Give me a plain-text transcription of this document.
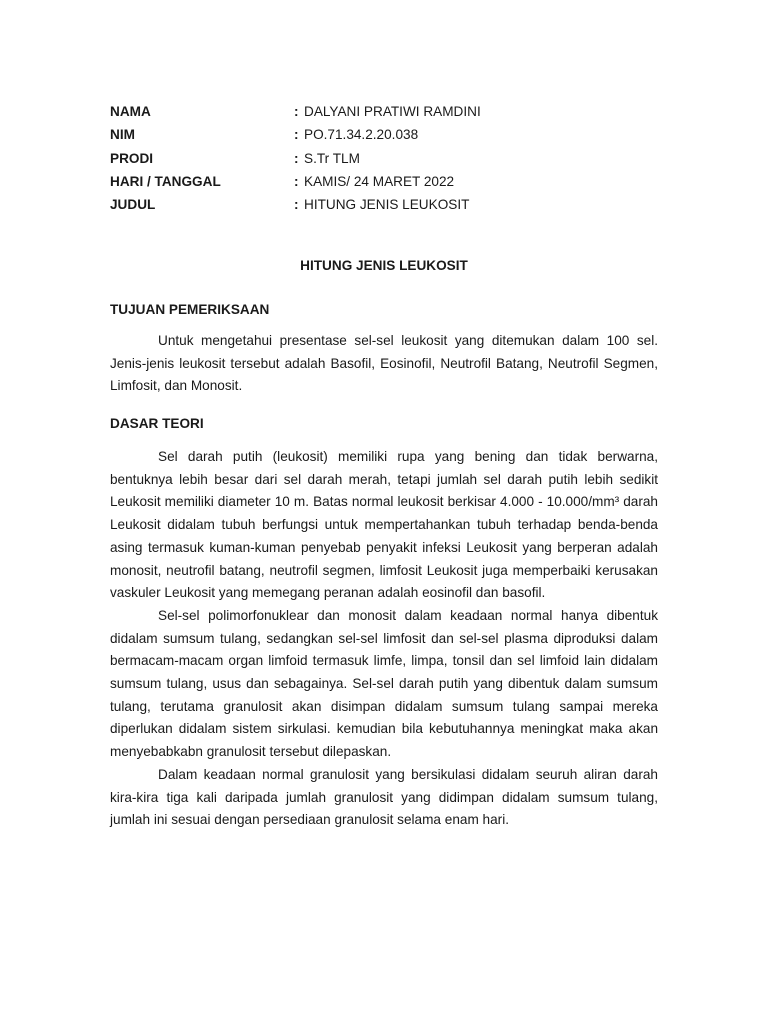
NAMA	: DALYANI PRATIWI RAMDINI
NIM	: PO.71.34.2.20.038
PRODI	: S.Tr TLM
HARI / TANGGAL	: KAMIS/ 24 MARET 2022
JUDUL	: HITUNG JENIS LEUKOSIT
HITUNG JENIS LEUKOSIT
TUJUAN PEMERIKSAAN

Untuk mengetahui presentase sel-sel leukosit yang ditemukan dalam 100 sel. Jenis-jenis leukosit tersebut adalah Basofil, Eosinofil, Neutrofil Batang, Neutrofil Segmen, Limfosit, dan Monosit.

DASAR TEORI

Sel darah putih (leukosit) memiliki rupa yang bening dan tidak berwarna, bentuknya lebih besar dari sel darah merah, tetapi jumlah sel darah putih lebih sedikit Leukosit memiliki diameter 10 m. Batas normal leukosit berkisar 4.000 - 10.000/mm³ darah Leukosit didalam tubuh berfungsi untuk mempertahankan tubuh terhadap benda-benda asing termasuk kuman-kuman penyebab penyakit infeksi Leukosit yang berperan adalah monosit, neutrofil batang, neutrofil segmen, limfosit Leukosit juga memperbaiki kerusakan vaskuler Leukosit yang memegang peranan adalah eosinofil dan basofil.

Sel-sel polimorfonuklear dan monosit dalam keadaan normal hanya dibentuk didalam sumsum tulang, sedangkan sel-sel limfosit dan sel-sel plasma diproduksi dalam bermacam-macam organ limfoid termasuk limfe, limpa, tonsil dan sel limfoid lain didalam sumsum tulang, usus dan sebagainya. Sel-sel darah putih yang dibentuk dalam sumsum tulang, terutama granulosit akan disimpan didalam sumsum tulang sampai mereka diperlukan didalam sistem sirkulasi. kemudian bila kebutuhannya meningkat maka akan menyebabkabn granulosit tersebut dilepaskan.

Dalam keadaan normal granulosit yang bersikulasi didalam seuruh aliran darah kira-kira tiga kali daripada jumlah granulosit yang didimpan didalam sumsum tulang, jumlah ini sesuai dengan persediaan granulosit selama enam hari.
